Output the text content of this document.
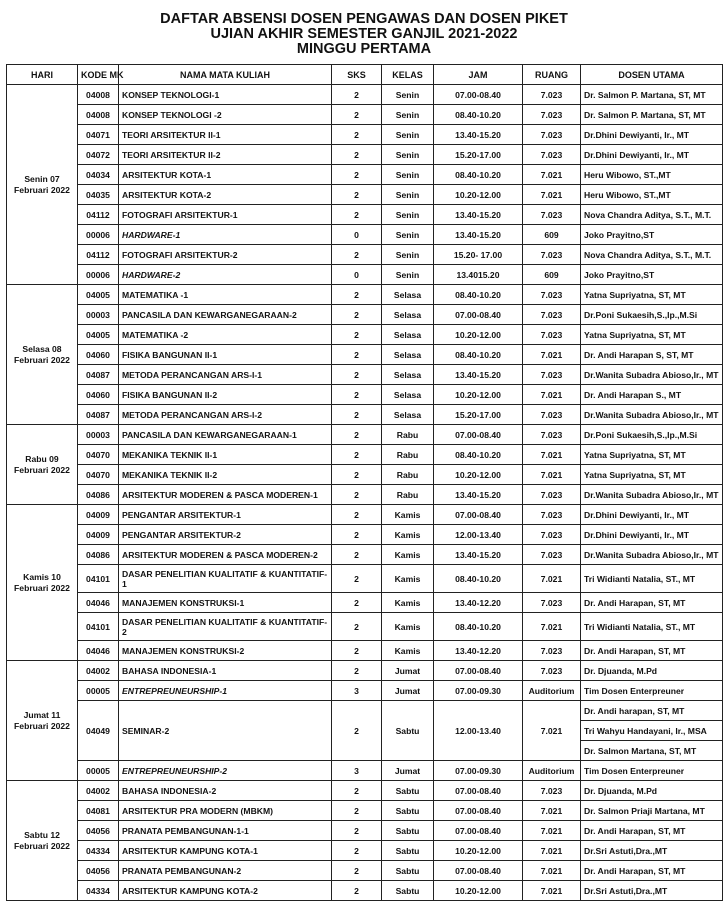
DAFTAR ABSENSI DOSEN PENGAWAS DAN DOSEN PIKET
UJIAN AKHIR SEMESTER GANJIL 2021-2022
MINGGU PERTAMA
HARI	KODE MK	NAMA MATA KULIAH	SKS	KELAS	JAM	RUANG	DOSEN UTAMA
Senin 07 Februari 2022	04008	KONSEP TEKNOLOGI-1	2	Senin	07.00-08.40	7.023	Dr. Salmon P. Martana, ST, MT
	04008	KONSEP TEKNOLOGI -2	2	Senin	08.40-10.20	7.023	Dr. Salmon P. Martana, ST, MT
	04071	TEORI ARSITEKTUR II-1	2	Senin	13.40-15.20	7.023	Dr.Dhini Dewiyanti, Ir., MT
	04072	TEORI ARSITEKTUR II-2	2	Senin	15.20-17.00	7.023	Dr.Dhini Dewiyanti, Ir., MT
	04034	ARSITEKTUR KOTA-1	2	Senin	08.40-10.20	7.021	Heru Wibowo, ST.,MT
	04035	ARSITEKTUR KOTA-2	2	Senin	10.20-12.00	7.021	Heru Wibowo, ST.,MT
	04112	FOTOGRAFI ARSITEKTUR-1	2	Senin	13.40-15.20	7.023	Nova Chandra Aditya, S.T., M.T.
	00006	HARDWARE-1	0	Senin	13.40-15.20	609	Joko Prayitno,ST
	04112	FOTOGRAFI ARSITEKTUR-2	2	Senin	15.20- 17.00	7.023	Nova Chandra Aditya, S.T., M.T.
	00006	HARDWARE-2	0	Senin	13.4015.20	609	Joko Prayitno,ST
Selasa 08 Februari 2022	04005	MATEMATIKA -1	2	Selasa	08.40-10.20	7.023	Yatna Supriyatna, ST, MT
	00003	PANCASILA DAN KEWARGANEGARAAN-2	2	Selasa	07.00-08.40	7.023	Dr.Poni Sukaesih,S.,Ip.,M.Si
	04005	MATEMATIKA -2	2	Selasa	10.20-12.00	7.023	Yatna Supriyatna, ST, MT
	04060	FISIKA BANGUNAN II-1	2	Selasa	08.40-10.20	7.021	Dr. Andi Harapan S, ST, MT
	04087	METODA PERANCANGAN ARS-I-1	2	Selasa	13.40-15.20	7.023	Dr.Wanita Subadra Abioso,Ir., MT
	04060	FISIKA BANGUNAN II-2	2	Selasa	10.20-12.00	7.021	Dr. Andi Harapan S., MT
	04087	METODA PERANCANGAN ARS-I-2	2	Selasa	15.20-17.00	7.023	Dr.Wanita Subadra Abioso,Ir., MT
Rabu 09 Februari 2022	00003	PANCASILA DAN KEWARGANEGARAAN-1	2	Rabu	07.00-08.40	7.023	Dr.Poni Sukaesih,S.,Ip.,M.Si
	04070	MEKANIKA TEKNIK II-1	2	Rabu	08.40-10.20	7.021	Yatna Supriyatna, ST, MT
	04070	MEKANIKA TEKNIK II-2	2	Rabu	10.20-12.00	7.021	Yatna Supriyatna, ST, MT
	04086	ARSITEKTUR MODEREN & PASCA MODEREN-1	2	Rabu	13.40-15.20	7.023	Dr.Wanita Subadra Abioso,Ir., MT
Kamis 10 Februari 2022	04009	PENGANTAR ARSITEKTUR-1	2	Kamis	07.00-08.40	7.023	Dr.Dhini Dewiyanti, Ir., MT
	04009	PENGANTAR ARSITEKTUR-2	2	Kamis	12.00-13.40	7.023	Dr.Dhini Dewiyanti, Ir., MT
	04086	ARSITEKTUR MODEREN & PASCA MODEREN-2	2	Kamis	13.40-15.20	7.023	Dr.Wanita Subadra Abioso,Ir., MT
	04101	DASAR PENELITIAN KUALITATIF & KUANTITATIF-1	2	Kamis	08.40-10.20	7.021	Tri Widianti Natalia, ST., MT
	04046	MANAJEMEN KONSTRUKSI-1	2	Kamis	13.40-12.20	7.023	Dr. Andi Harapan, ST, MT
	04101	DASAR PENELITIAN KUALITATIF & KUANTITATIF-2	2	Kamis	08.40-10.20	7.021	Tri Widianti Natalia, ST., MT
	04046	MANAJEMEN KONSTRUKSI-2	2	Kamis	13.40-12.20	7.023	Dr. Andi Harapan, ST, MT
Jumat 11 Februari 2022	04002	BAHASA INDONESIA-1	2	Jumat	07.00-08.40	7.023	Dr. Djuanda, M.Pd
	00005	ENTREPREUNEURSHIP-1	3	Jumat	07.00-09.30	Auditorium	Tim Dosen Enterpreuner
	04049	SEMINAR-2	2	Sabtu	12.00-13.40	7.021	Dr. Andi harapan, ST, MT
							Tri Wahyu Handayani, Ir., MSA
							Dr. Salmon Martana, ST, MT
	00005	ENTREPREUNEURSHIP-2	3	Jumat	07.00-09.30	Auditorium	Tim Dosen Enterpreuner
Sabtu 12 Februari 2022	04002	BAHASA INDONESIA-2	2	Sabtu	07.00-08.40	7.023	Dr. Djuanda, M.Pd
	04081	ARSITEKTUR PRA MODERN (MBKM)	2	Sabtu	07.00-08.40	7.021	Dr. Salmon Priaji Martana, MT
	04056	PRANATA PEMBANGUNAN-1-1	2	Sabtu	07.00-08.40	7.021	Dr. Andi Harapan, ST, MT
	04334	ARSITEKTUR KAMPUNG KOTA-1	2	Sabtu	10.20-12.00	7.021	Dr.Sri Astuti,Dra.,MT
	04056	PRANATA PEMBANGUNAN-2	2	Sabtu	07.00-08.40	7.021	Dr. Andi Harapan, ST, MT
	04334	ARSITEKTUR KAMPUNG KOTA-2	2	Sabtu	10.20-12.00	7.021	Dr.Sri Astuti,Dra.,MT
